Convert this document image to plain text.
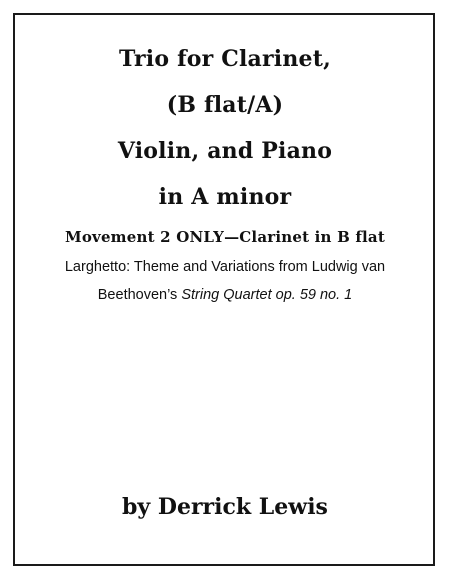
Trio for Clarinet,
(B flat/A)
Violin, and Piano
in A minor
Movement 2 ONLY—Clarinet in B flat
Larghetto: Theme and Variations from Ludwig van
Beethoven’s String Quartet op. 59 no. 1
by Derrick Lewis
